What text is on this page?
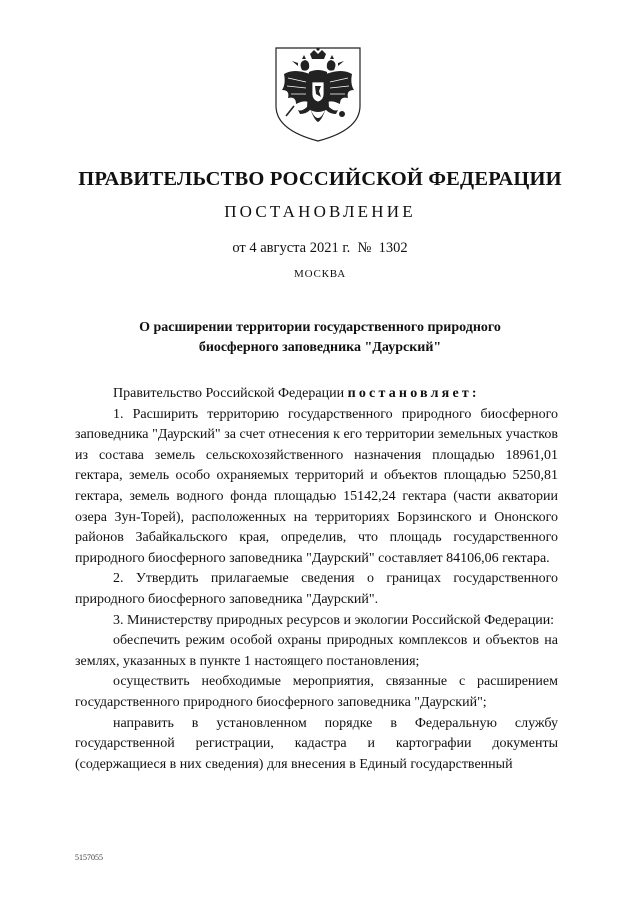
ПРАВИТЕЛЬСТВО РОССИЙСКОЙ ФЕДЕРАЦИИ
ПОСТАНОВЛЕНИЕ
от 4 августа 2021 г. №  1302
МОСКВА
О расширении территории государственного природного
биосферного заповедника "Даурский"

Правительство Российской Федерации постановляет:

1. Расширить территорию государственного природного биосферного заповедника "Даурский" за счет отнесения к его территории земельных участков из состава земель сельскохозяйственного назначения площадью 18961,01 гектара, земель особо охраняемых территорий и объектов площадью 5250,81 гектара, земель водного фонда площадью 15142,24 гектара (части акватории озера Зун-Торей), расположенных на территориях Борзинского и Ононского районов Забайкальского края, определив, что площадь государственного природного биосферного заповедника "Даурский" составляет 84106,06 гектара.

2. Утвердить прилагаемые сведения о границах государственного природного биосферного заповедника "Даурский".

3. Министерству природных ресурсов и экологии Российской Федерации:

обеспечить режим особой охраны природных комплексов и объектов на землях, указанных в пункте 1 настоящего постановления;

осуществить необходимые мероприятия, связанные с расширением государственного природного биосферного заповедника "Даурский";

направить в установленном порядке в Федеральную службу государственной регистрации, кадастра и картографии документы (содержащиеся в них сведения) для внесения в Единый государственный

5157055
